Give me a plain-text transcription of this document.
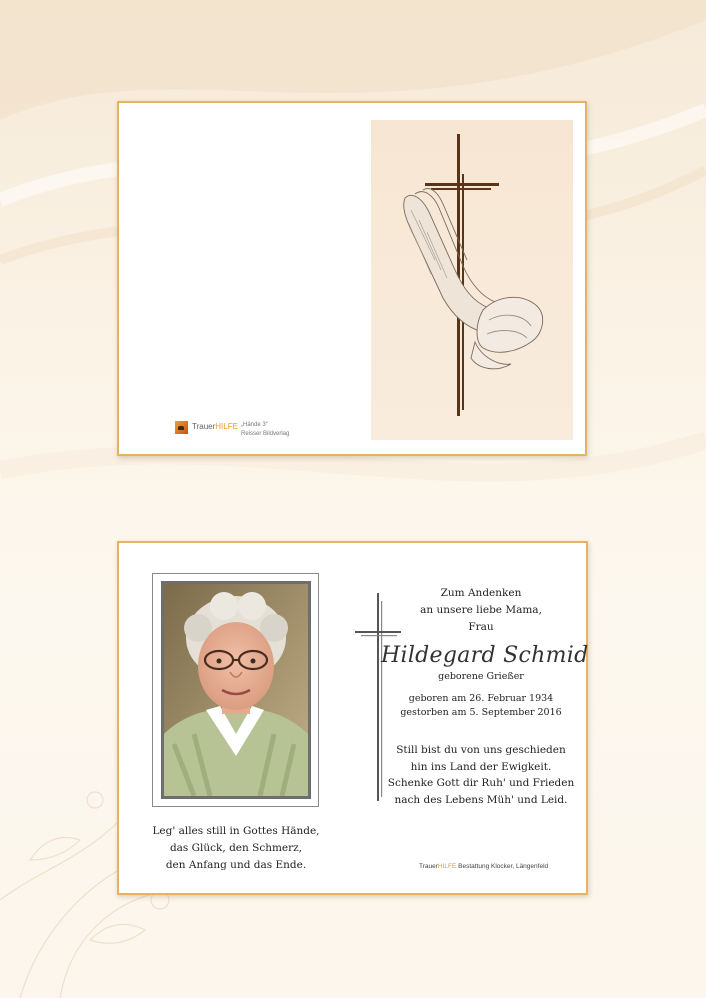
TrauerHILFE „Hände 3“
Reisser Bildverlag
Leg' alles still in Gottes Hände,
das Glück, den Schmerz,
den Anfang und das Ende.
Zum Andenken
an unsere liebe Mama,
Frau
Hildegard Schmid
geborene Grießer
geboren am 26. Februar 1934
gestorben am 5. September 2016
Still bist du von uns geschieden
hin ins Land der Ewigkeit.
Schenke Gott dir Ruh' und Frieden
nach des Lebens Müh' und Leid.
TrauerHILFE Bestattung Klocker, Längenfeld
